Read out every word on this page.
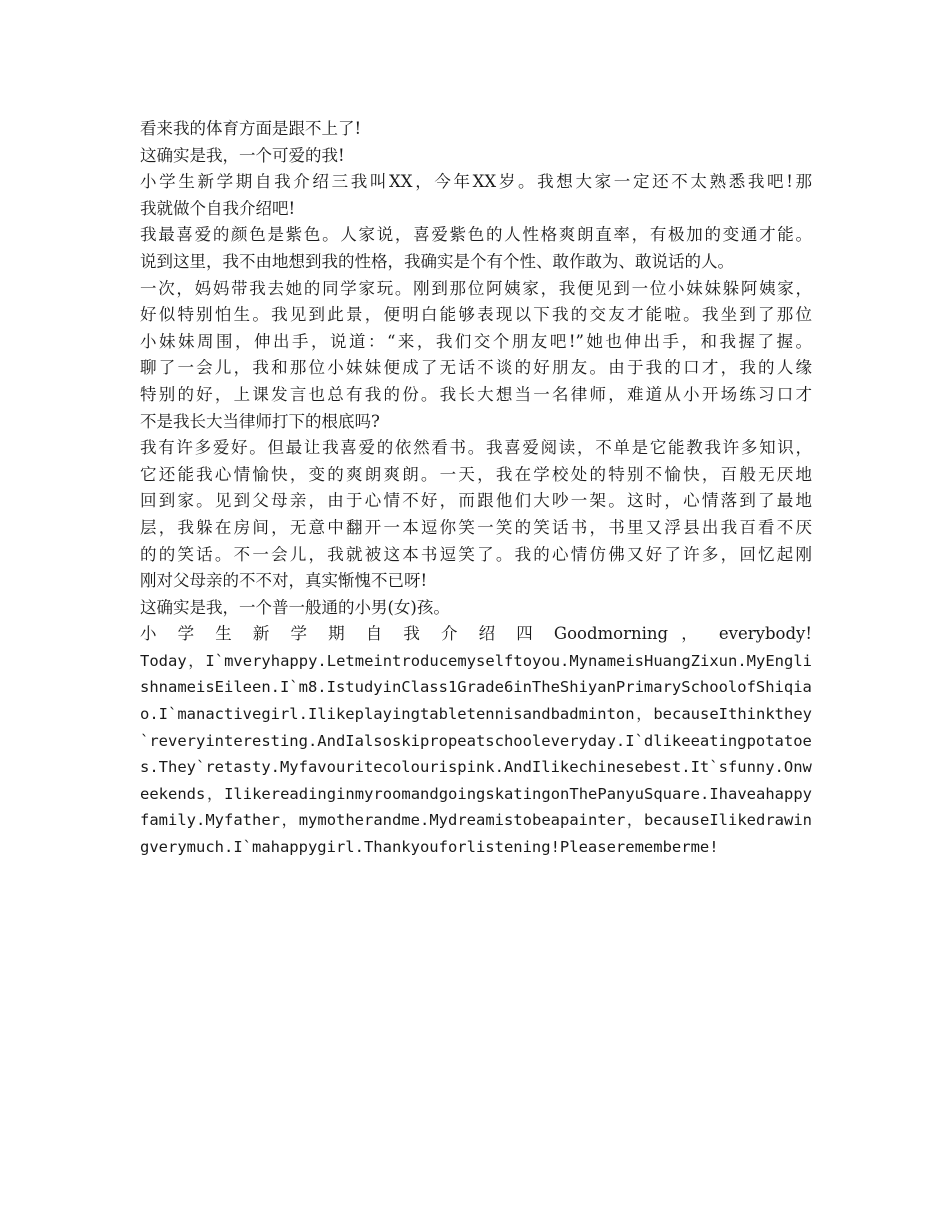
看来我的体育方面是跟不上了!
这确实是我，一个可爱的我!
小学生新学期自我介绍三我叫XX，今年XX岁。我想大家一定还不太熟悉我吧!那
我就做个自我介绍吧!
我最喜爱的颜色是紫色。人家说，喜爱紫色的人性格爽朗直率，有极加的变通才能。
说到这里，我不由地想到我的性格，我确实是个有个性、敢作敢为、敢说话的人。
一次，妈妈带我去她的同学家玩。刚到那位阿姨家，我便见到一位小妹妹躲阿姨家，
好似特别怕生。我见到此景，便明白能够表现以下我的交友才能啦。我坐到了那位
小妹妹周围，伸出手，说道：“来，我们交个朋友吧!”她也伸出手，和我握了握。
聊了一会儿，我和那位小妹妹便成了无话不谈的好朋友。由于我的口才，我的人缘
特别的好，上课发言也总有我的份。我长大想当一名律师，难道从小开场练习口才
不是我长大当律师打下的根底吗?
我有许多爱好。但最让我喜爱的依然看书。我喜爱阅读，不单是它能教我许多知识，
它还能我心情愉快，变的爽朗爽朗。一天，我在学校处的特别不愉快，百般无厌地
回到家。见到父母亲，由于心情不好，而跟他们大吵一架。这时，心情落到了最地
层，我躲在房间，无意中翻开一本逗你笑一笑的笑话书，书里又浮县出我百看不厌
的的笑话。不一会儿，我就被这本书逗笑了。我的心情仿佛又好了许多，回忆起刚
刚对父母亲的不不对，真实惭愧不已呀!
这确实是我，一个普一般通的小男(女)孩。
小 学 生 新 学 期 自 我 介 绍 四 Goodmorning ， everybody!
Today，I`mveryhappy.Letmeintroducemyselftoyou.MynameisHuangZixun.MyEngli
shnameisEileen.I`m8.IstudyinClass1Grade6inTheShiyanPrimarySchoolofShiqia
o.I`manactivegirl.Ilikeplayingtabletennisandbadminton，becauseIthinkthey
`reveryinteresting.AndIalsoskipropeatschooleveryday.I`dlikeeatingpotatoe
s.They`retasty.Myfavouritecolourispink.AndIlikechinesebest.It`sfunny.Onw
eekends，IlikereadinginmyroomandgoingskatingonThePanyuSquare.Ihaveahappy
family.Myfather，mymotherandme.Mydreamistobeapainter，becauseIlikedrawin
gverymuch.I`mahappygirl.Thankyouforlistening!Pleaserememberme!
